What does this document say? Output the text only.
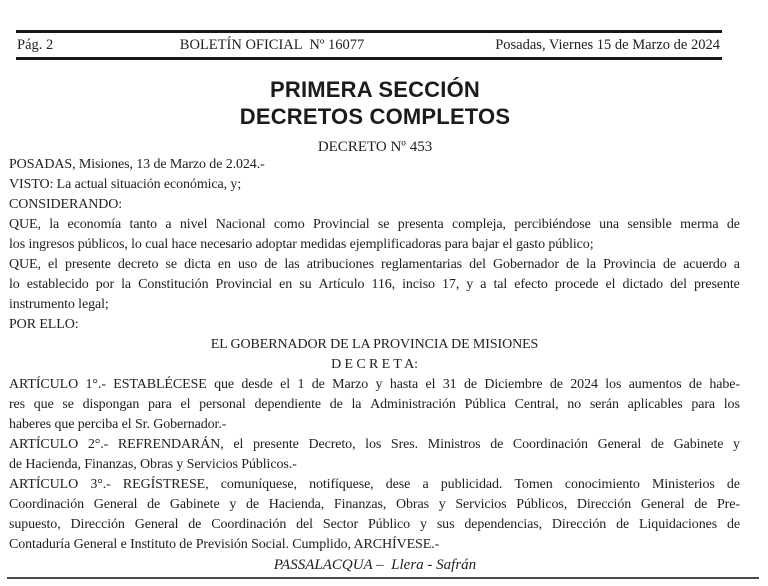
Pág. 2	BOLETÍN OFICIAL  Nº 16077	Posadas, Viernes 15 de Marzo de 2024
PRIMERA SECCIÓN
DECRETOS COMPLETOS
DECRETO Nº 453
POSADAS, Misiones, 13 de Marzo de 2.024.-
VISTO: La actual situación económica, y;
CONSIDERANDO:
QUE, la economía tanto a nivel Nacional como Provincial se presenta compleja, percibiéndose una sensible merma de
los ingresos públicos, lo cual hace necesario adoptar medidas ejemplificadoras para bajar el gasto público;
QUE, el presente decreto se dicta en uso de las atribuciones reglamentarias del Gobernador de la Provincia de acuerdo a
lo establecido por la Constitución Provincial en su Artículo 116, inciso 17, y a tal efecto procede el dictado del presente
instrumento legal;
POR ELLO:
EL GOBERNADOR DE LA PROVINCIA DE MISIONES
D E C R E T A:
ARTÍCULO 1°.- ESTABLÉCESE que desde el 1 de Marzo y hasta el 31 de Diciembre de 2024 los aumentos de habe-
res que se dispongan para el personal dependiente de la Administración Pública Central, no serán aplicables para los
haberes que perciba el Sr. Gobernador.-
ARTÍCULO 2°.- REFRENDARÁN, el presente Decreto, los Sres. Ministros de Coordinación General de Gabinete y
de Hacienda, Finanzas, Obras y Servicios Públicos.-
ARTÍCULO 3°.- REGÍSTRESE, comuníquese, notifíquese, dese a publicidad. Tomen conocimiento Ministerios de
Coordinación General de Gabinete y de Hacienda, Finanzas, Obras y Servicios Públicos, Dirección General de Pre-
supuesto, Dirección General de Coordinación del Sector Público y sus dependencias, Dirección de Liquidaciones de
Contaduría General e Instituto de Previsión Social. Cumplido, ARCHÍVESE.-
PASSALACQUA –  Llera - Safrán
